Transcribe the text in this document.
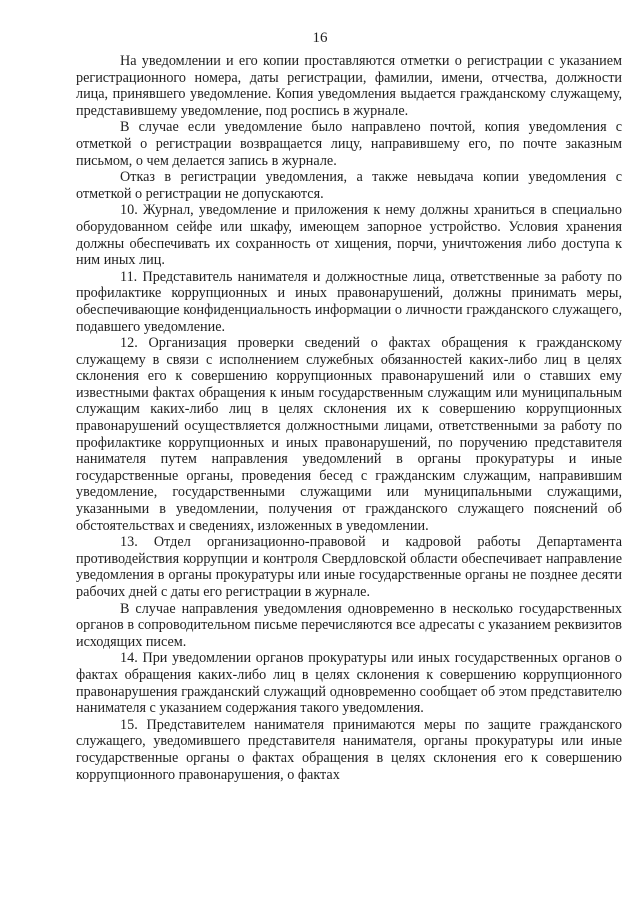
16

На уведомлении и его копии проставляются отметки о регистрации с указанием регистрационного номера, даты регистрации, фамилии, имени, отчества, должности лица, принявшего уведомление. Копия уведомления выдается гражданскому служащему, представившему уведомление, под роспись в журнале.

В случае если уведомление было направлено почтой, копия уведомления с отметкой о регистрации возвращается лицу, направившему его, по почте заказным письмом, о чем делается запись в журнале.

Отказ в регистрации уведомления, а также невыдача копии уведомления с отметкой о регистрации не допускаются.

10. Журнал, уведомление и приложения к нему должны храниться в специально оборудованном сейфе или шкафу, имеющем запорное устройство. Условия хранения должны обеспечивать их сохранность от хищения, порчи, уничтожения либо доступа к ним иных лиц.

11. Представитель нанимателя и должностные лица, ответственные за работу по профилактике коррупционных и иных правонарушений, должны принимать меры, обеспечивающие конфиденциальность информации о личности гражданского служащего, подавшего уведомление.

12. Организация проверки сведений о фактах обращения к гражданскому служащему в связи с исполнением служебных обязанностей каких-либо лиц в целях склонения его к совершению коррупционных правонарушений или о ставших ему известными фактах обращения к иным государственным служащим или муниципальным служащим каких-либо лиц в целях склонения их к совершению коррупционных правонарушений осуществляется должностными лицами, ответственными за работу по профилактике коррупционных и иных правонарушений, по поручению представителя нанимателя путем направления уведомлений в органы прокуратуры и иные государственные органы, проведения бесед с гражданским служащим, направившим уведомление, государственными служащими или муниципальными служащими, указанными в уведомлении, получения от гражданского служащего пояснений об обстоятельствах и сведениях, изложенных в уведомлении.

13. Отдел организационно-правовой и кадровой работы Департамента противодействия коррупции и контроля Свердловской области обеспечивает направление уведомления в органы прокуратуры или иные государственные органы не позднее десяти рабочих дней с даты его регистрации в журнале.

В случае направления уведомления одновременно в несколько государственных органов в сопроводительном письме перечисляются все адресаты с указанием реквизитов исходящих писем.

14. При уведомлении органов прокуратуры или иных государственных органов о фактах обращения каких-либо лиц в целях склонения к совершению коррупционного правонарушения гражданский служащий одновременно сообщает об этом представителю нанимателя с указанием содержания такого уведомления.

15. Представителем нанимателя принимаются меры по защите гражданского служащего, уведомившего представителя нанимателя, органы прокуратуры или иные государственные органы о фактах обращения в целях склонения его к совершению коррупционного правонарушения, о фактах
